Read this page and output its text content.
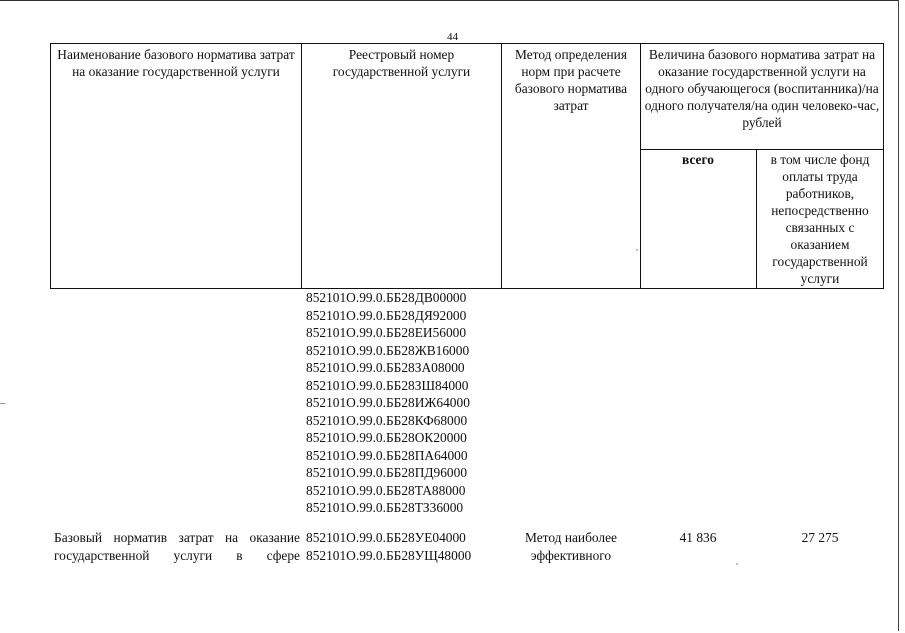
44
Наименование базового норматива затрат на оказание государственной услуги
Реестровый номер государственной услуги
Метод определения норм при расчете базового норматива затрат
Величина базового норматива затрат на оказание государственной услуги на одного обучающегося (воспитанника)/на одного получателя/на один человеко-час, рублей
всего	в том числе фонд оплаты труда работников, непосредственно связанных с оказанием государственной услуги
852101О.99.0.ББ28ДВ00000
852101О.99.0.ББ28ДЯ92000
852101О.99.0.ББ28ЕИ56000
852101О.99.0.ББ28ЖВ16000
852101О.99.0.ББ28ЗА08000
852101О.99.0.ББ28ЗШ84000
852101О.99.0.ББ28ИЖ64000
852101О.99.0.ББ28КФ68000
852101О.99.0.ББ28ОК20000
852101О.99.0.ББ28ПА64000
852101О.99.0.ББ28ПД96000
852101О.99.0.ББ28ТА88000
852101О.99.0.ББ28ТЗ36000
Базовый норматив затрат на оказание
государственной услуги в сфере
852101О.99.0.ББ28УЕ04000
852101О.99.0.ББ28УЩ48000
Метод наиболее
эффективного
41 836	27 275
